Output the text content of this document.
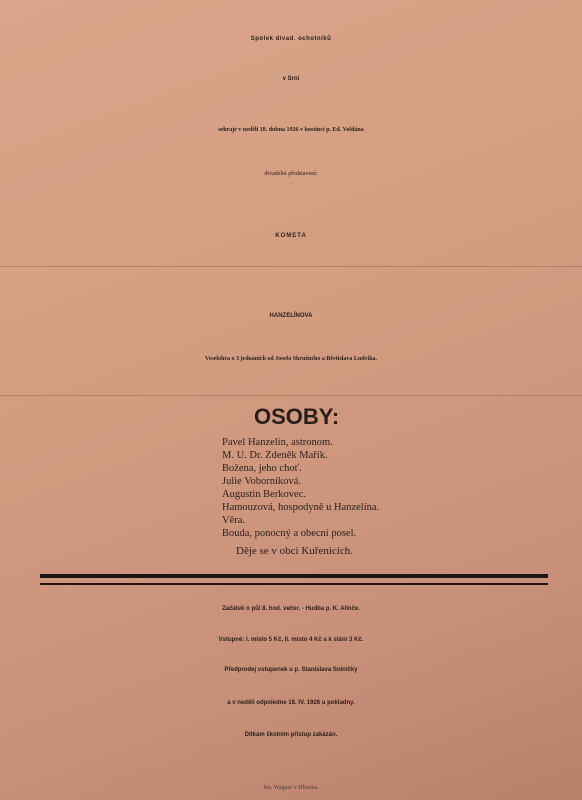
Spolek divad. ochotníků
v Srní
sehraje v neděli 18. dubna 1926 v hostinci p. Ed. Voldána
divadelní představení:
KOMETA
HANZELÍNOVA
Veselohra o 3 jednáních od Josefa Skružného a Břetislava Ludvíka.
OSOBY:
Pavel Hanzelín, astronom.
M. U. Dr. Zdeněk Mařík.
Božena, jeho choť.
Julie Voborníková.
Augustin Berkovec.
Hamouzová, hospodyně u Hanzelína.
Věra.
Bouda, ponocný a obecní posel.
Děje se v obci Kuřenicích.
Začátek o půl 8. hod. večer. - Hudba p. K. Alinče.
Vstupné: I. místo 5 Kč, II. místo 4 Kč a k stání 3 Kč.
Předprodej vstupenek u p. Stanislava Solničky
a v neděli odpoledne 18. IV. 1926 u pokladny.
Dítkám školním přístup zakázán.
Jos. Wagner v Hlinsku.
